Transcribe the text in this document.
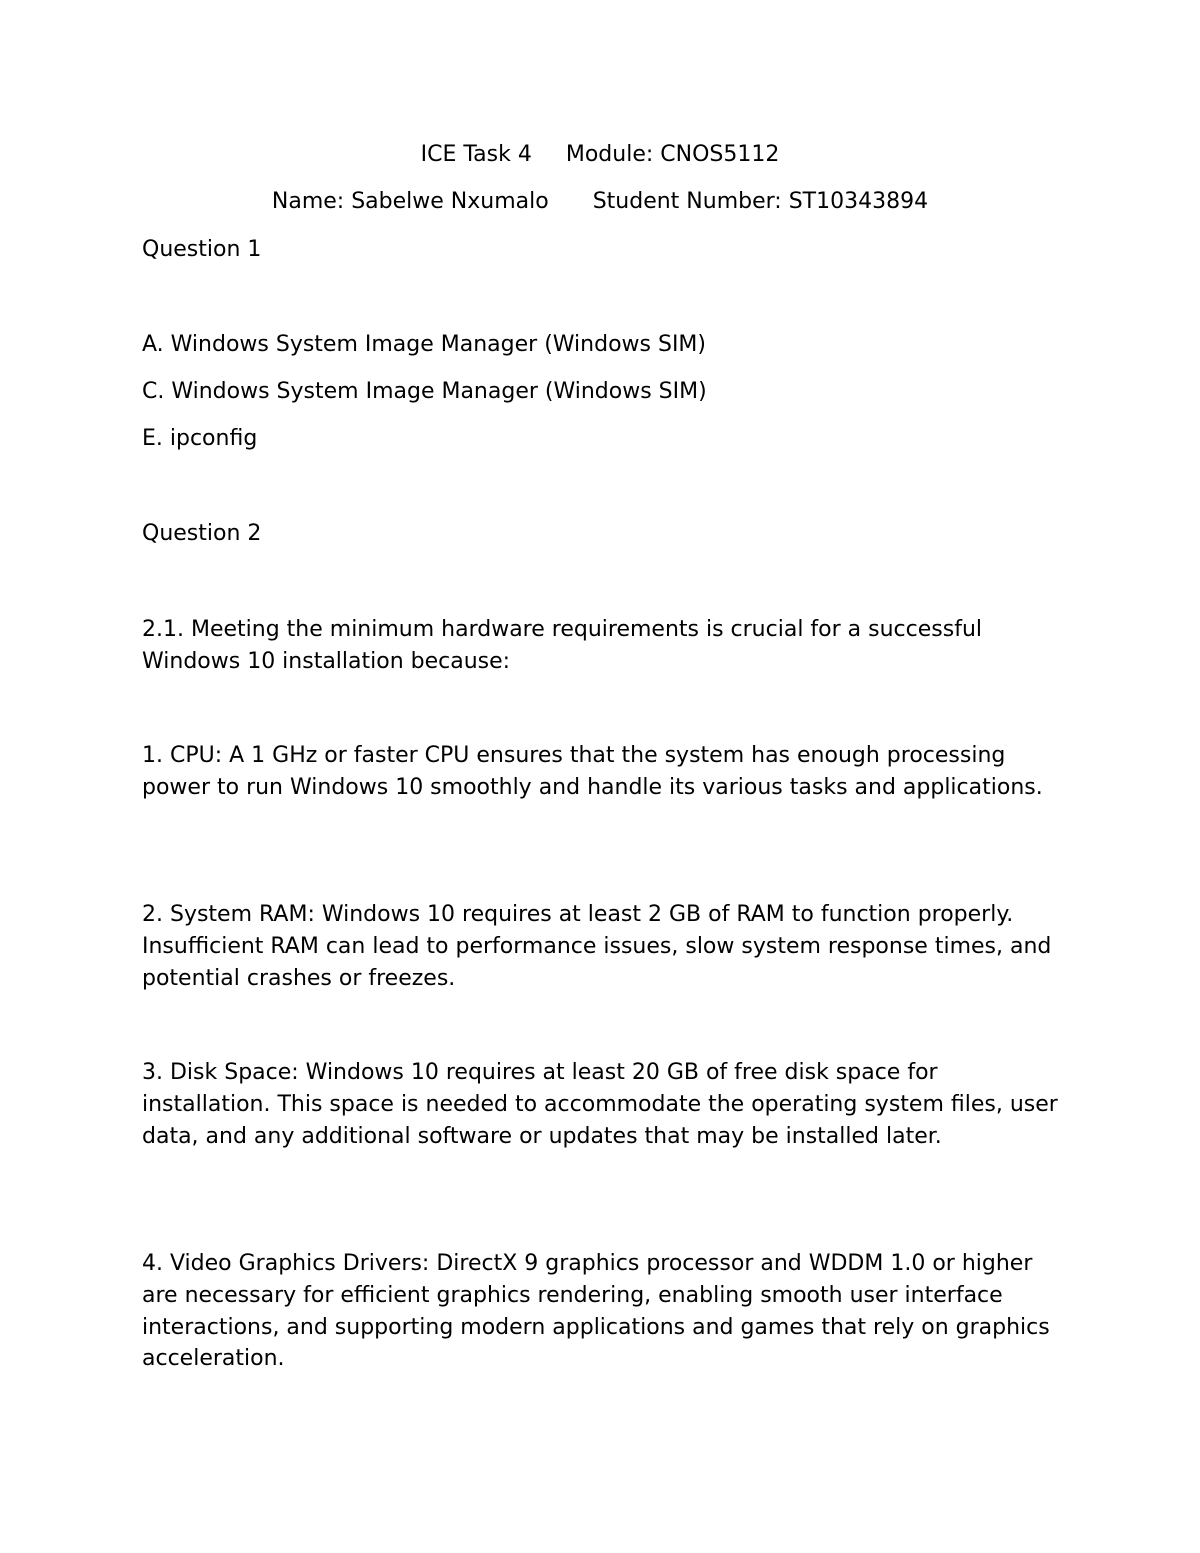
ICE Task 4 Module: CNOS5112
Name: Sabelwe Nxumalo Student Number: ST10343894
Question 1
A. Windows System Image Manager (Windows SIM)
C. Windows System Image Manager (Windows SIM)
E. ipconfig
Question 2
2.1. Meeting the minimum hardware requirements is crucial for a successful Windows 10 installation because:
1. CPU: A 1 GHz or faster CPU ensures that the system has enough processing power to run Windows 10 smoothly and handle its various tasks and applications.
2. System RAM: Windows 10 requires at least 2 GB of RAM to function properly. Insufficient RAM can lead to performance issues, slow system response times, and potential crashes or freezes.
3. Disk Space: Windows 10 requires at least 20 GB of free disk space for installation. This space is needed to accommodate the operating system files, user data, and any additional software or updates that may be installed later.
4. Video Graphics Drivers: DirectX 9 graphics processor and WDDM 1.0 or higher are necessary for efficient graphics rendering, enabling smooth user interface interactions, and supporting modern applications and games that rely on graphics acceleration.
